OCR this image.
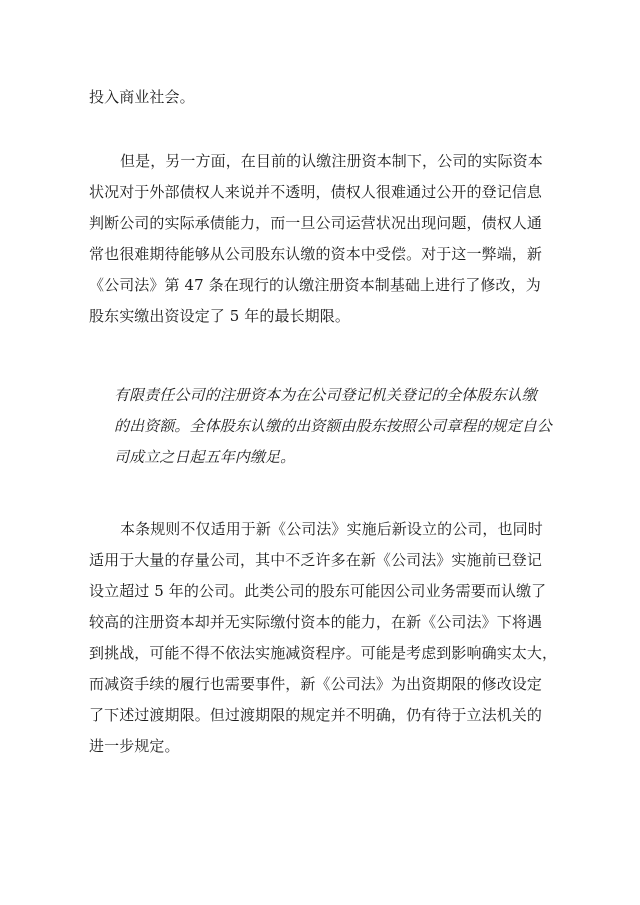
投入商业社会。

但是，另一方面，在目前的认缴注册资本制下，公司的实际资本
状况对于外部债权人来说并不透明，债权人很难通过公开的登记信息
判断公司的实际承债能力，而一旦公司运营状况出现问题，债权人通
常也很难期待能够从公司股东认缴的资本中受偿。对于这一弊端，新
《公司法》第 47 条在现行的认缴注册资本制基础上进行了修改，为
股东实缴出资设定了 5 年的最长期限。

有限责任公司的注册资本为在公司登记机关登记的全体股东认缴
的出资额。全体股东认缴的出资额由股东按照公司章程的规定自公
司成立之日起五年内缴足。

本条规则不仅适用于新《公司法》实施后新设立的公司，也同时
适用于大量的存量公司，其中不乏许多在新《公司法》实施前已登记
设立超过 5 年的公司。此类公司的股东可能因公司业务需要而认缴了
较高的注册资本却并无实际缴付资本的能力，在新《公司法》下将遇
到挑战，可能不得不依法实施减资程序。可能是考虑到影响确实太大，
而减资手续的履行也需要事件，新《公司法》为出资期限的修改设定
了下述过渡期限。但过渡期限的规定并不明确，仍有待于立法机关的
进一步规定。
